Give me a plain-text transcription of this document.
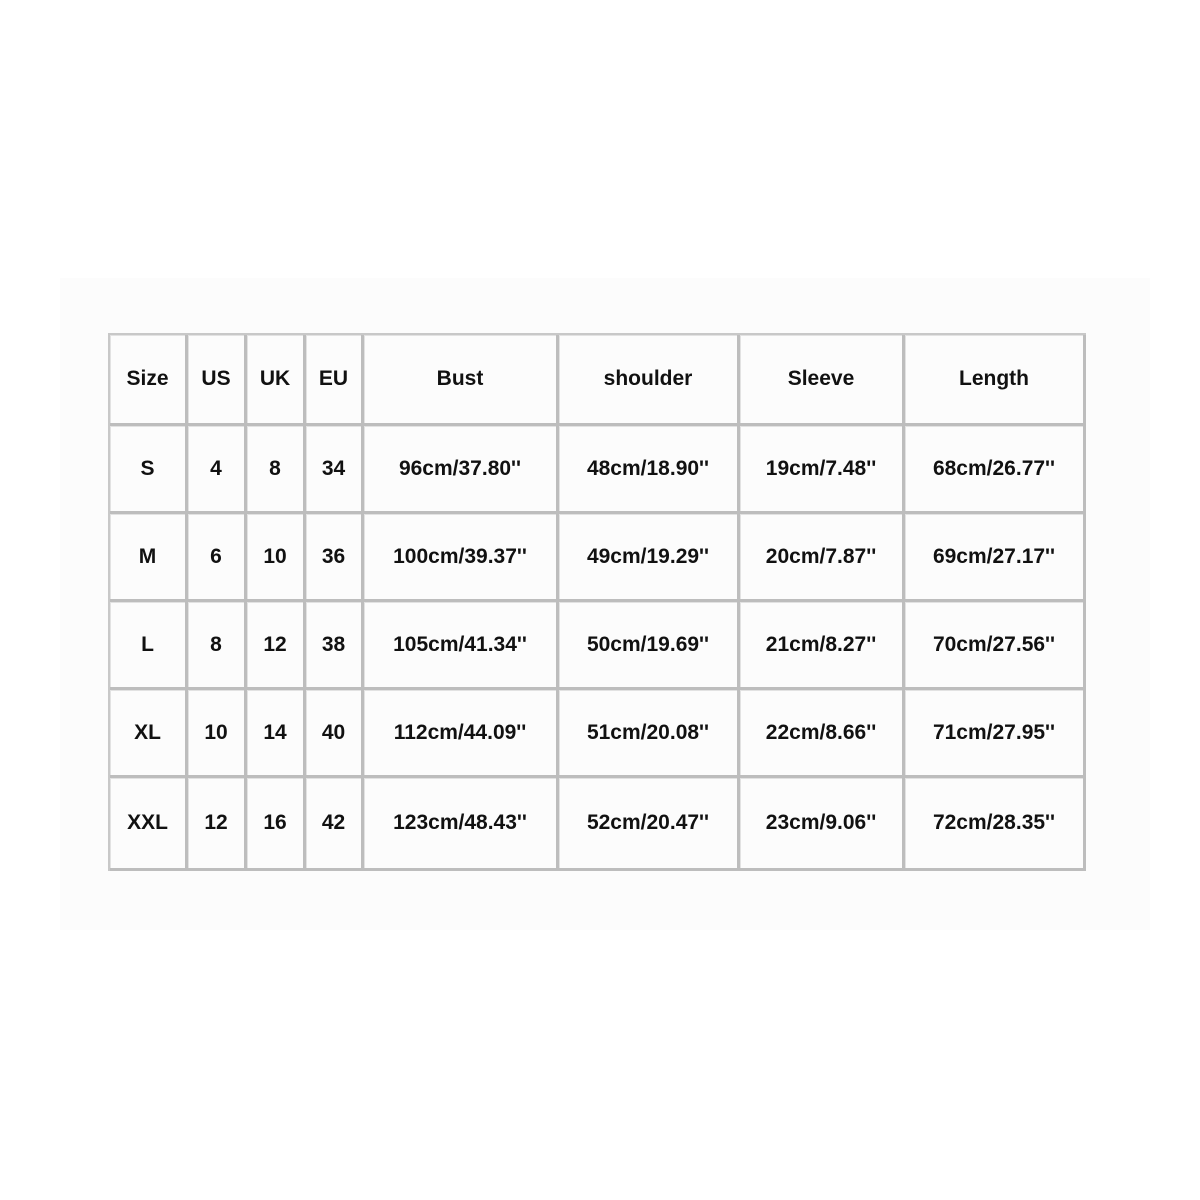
Size	US	UK	EU	Bust	shoulder	Sleeve	Length
S	4	8	34	96cm/37.80''	48cm/18.90''	19cm/7.48''	68cm/26.77''
M	6	10	36	100cm/39.37''	49cm/19.29''	20cm/7.87''	69cm/27.17''
L	8	12	38	105cm/41.34''	50cm/19.69''	21cm/8.27''	70cm/27.56''
XL	10	14	40	112cm/44.09''	51cm/20.08''	22cm/8.66''	71cm/27.95''
XXL	12	16	42	123cm/48.43''	52cm/20.47''	23cm/9.06''	72cm/28.35''
